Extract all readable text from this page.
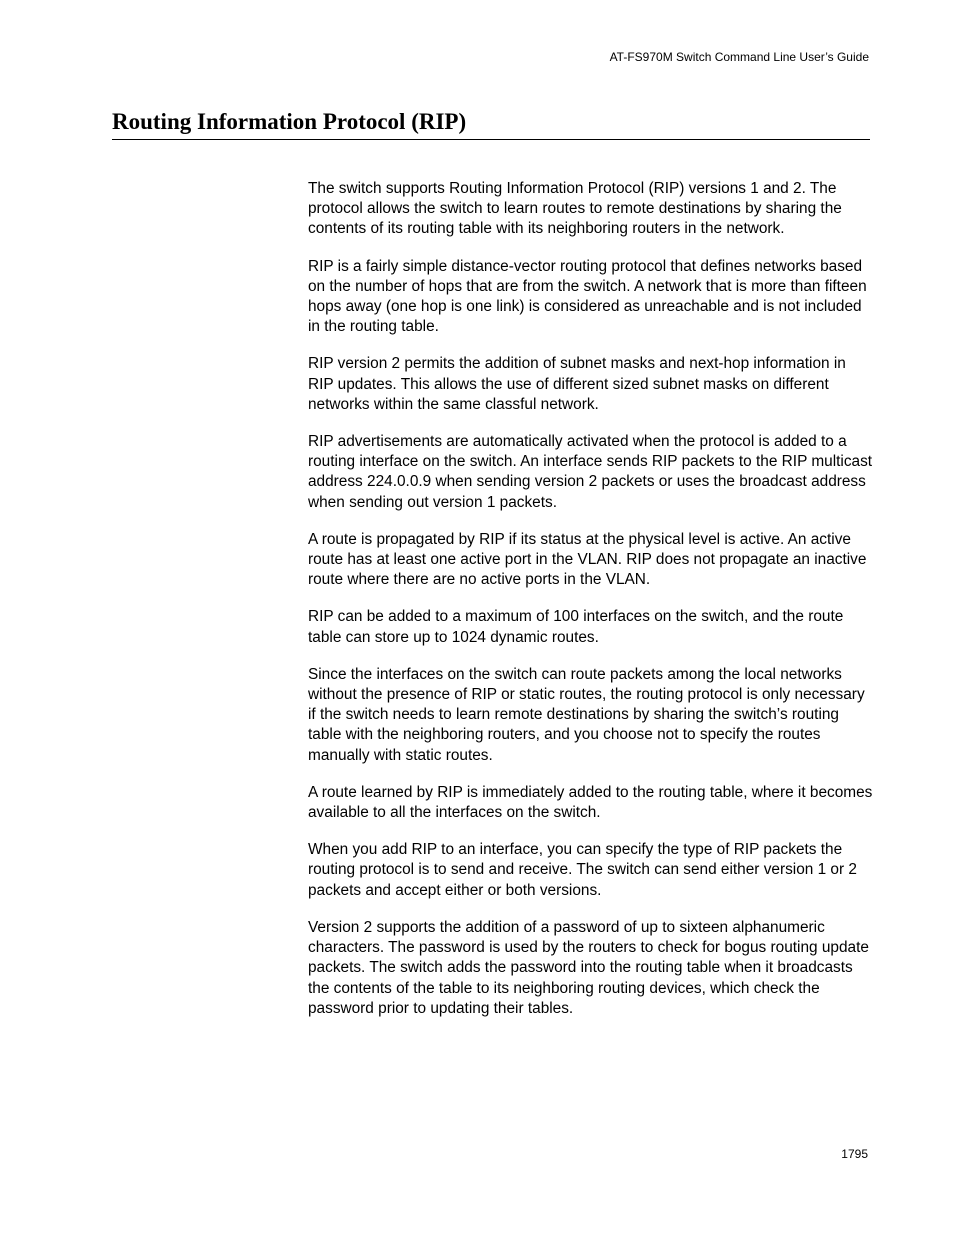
AT-FS970M Switch Command Line User’s Guide
Routing Information Protocol (RIP)

The switch supports Routing Information Protocol (RIP) versions 1 and 2. The protocol allows the switch to learn routes to remote destinations by sharing the contents of its routing table with its neighboring routers in the network.

RIP is a fairly simple distance-vector routing protocol that defines networks based on the number of hops that are from the switch. A network that is more than fifteen hops away (one hop is one link) is considered as unreachable and is not included in the routing table.

RIP version 2 permits the addition of subnet masks and next-hop information in RIP updates. This allows the use of different sized subnet masks on different networks within the same classful network.

RIP advertisements are automatically activated when the protocol is added to a routing interface on the switch. An interface sends RIP packets to the RIP multicast address 224.0.0.9 when sending version 2 packets or uses the broadcast address when sending out version 1 packets.

A route is propagated by RIP if its status at the physical level is active. An active route has at least one active port in the VLAN. RIP does not propagate an inactive route where there are no active ports in the VLAN.

RIP can be added to a maximum of 100 interfaces on the switch, and the route table can store up to 1024 dynamic routes.

Since the interfaces on the switch can route packets among the local networks without the presence of RIP or static routes, the routing protocol is only necessary if the switch needs to learn remote destinations by sharing the switch’s routing table with the neighboring routers, and you choose not to specify the routes manually with static routes.

A route learned by RIP is immediately added to the routing table, where it becomes available to all the interfaces on the switch.

When you add RIP to an interface, you can specify the type of RIP packets the routing protocol is to send and receive. The switch can send either version 1 or 2 packets and accept either or both versions.

Version 2 supports the addition of a password of up to sixteen alphanumeric characters. The password is used by the routers to check for bogus routing update packets. The switch adds the password into the routing table when it broadcasts the contents of the table to its neighboring routing devices, which check the password prior to updating their tables.

1795
